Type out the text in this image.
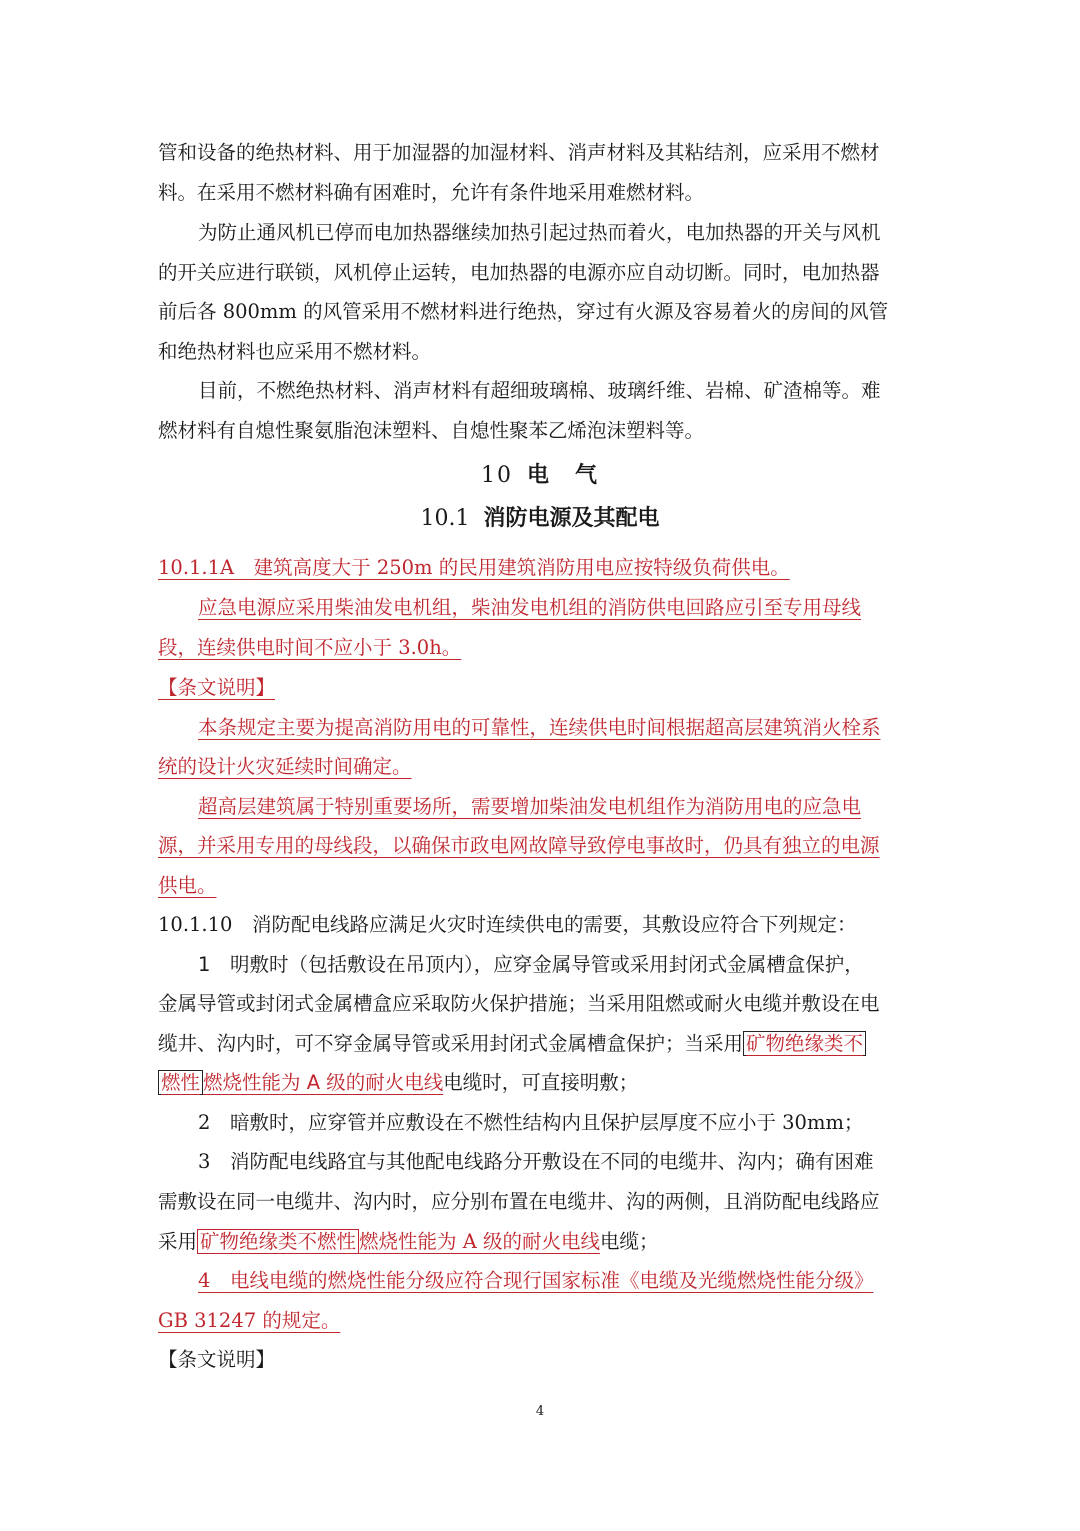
管和设备的绝热材料、用于加湿器的加湿材料、消声材料及其粘结剂，应采用不燃材
料。在采用不燃材料确有困难时，允许有条件地采用难燃材料。
为防止通风机已停而电加热器继续加热引起过热而着火，电加热器的开关与风机
的开关应进行联锁，风机停止运转，电加热器的电源亦应自动切断。同时，电加热器
前后各 800mm 的风管采用不燃材料进行绝热，穿过有火源及容易着火的房间的风管
和绝热材料也应采用不燃材料。
目前，不燃绝热材料、消声材料有超细玻璃棉、玻璃纤维、岩棉、矿渣棉等。难
燃材料有自熄性聚氨脂泡沫塑料、自熄性聚苯乙烯泡沫塑料等。
10 电　气
10.1 消防电源及其配电
10.1.1A　 建筑高度大于 250m 的民用建筑消防用电应按特级负荷供电。
应急电源应采用柴油发电机组，柴油发电机组的消防供电回路应引至专用母线
段，连续供电时间不应小于 3.0h。
【条文说明】
本条规定主要为提高消防用电的可靠性，连续供电时间根据超高层建筑消火栓系
统的设计火灾延续时间确定。
超高层建筑属于特别重要场所，需要增加柴油发电机组作为消防用电的应急电
源，并采用专用的母线段，以确保市政电网故障导致停电事故时，仍具有独立的电源
供电。
10.1.10　 消防配电线路应满足火灾时连续供电的需要，其敷设应符合下列规定：
1　 明敷时（包括敷设在吊顶内），应穿金属导管或采用封闭式金属槽盒保护，
金属导管或封闭式金属槽盒应采取防火保护措施；当采用阻燃或耐火电缆并敷设在电
缆井、沟内时，可不穿金属导管或采用封闭式金属槽盒保护；当采用 矿物绝缘类不
燃性 燃烧性能为 A 级的耐火电线电缆时，可直接明敷；
2　 暗敷时，应穿管并应敷设在不燃性结构内且保护层厚度不应小于 30mm；
3　 消防配电线路宜与其他配电线路分开敷设在不同的电缆井、沟内；确有困难
需敷设在同一电缆井、沟内时，应分别布置在电缆井、沟的两侧，且消防配电线路应
采用 矿物绝缘类不燃性 燃烧性能为 A 级的耐火电线电缆；
4　 电线电缆的燃烧性能分级应符合现行国家标准《电缆及光缆燃烧性能分级》
GB 31247 的规定。
【条文说明】
4
